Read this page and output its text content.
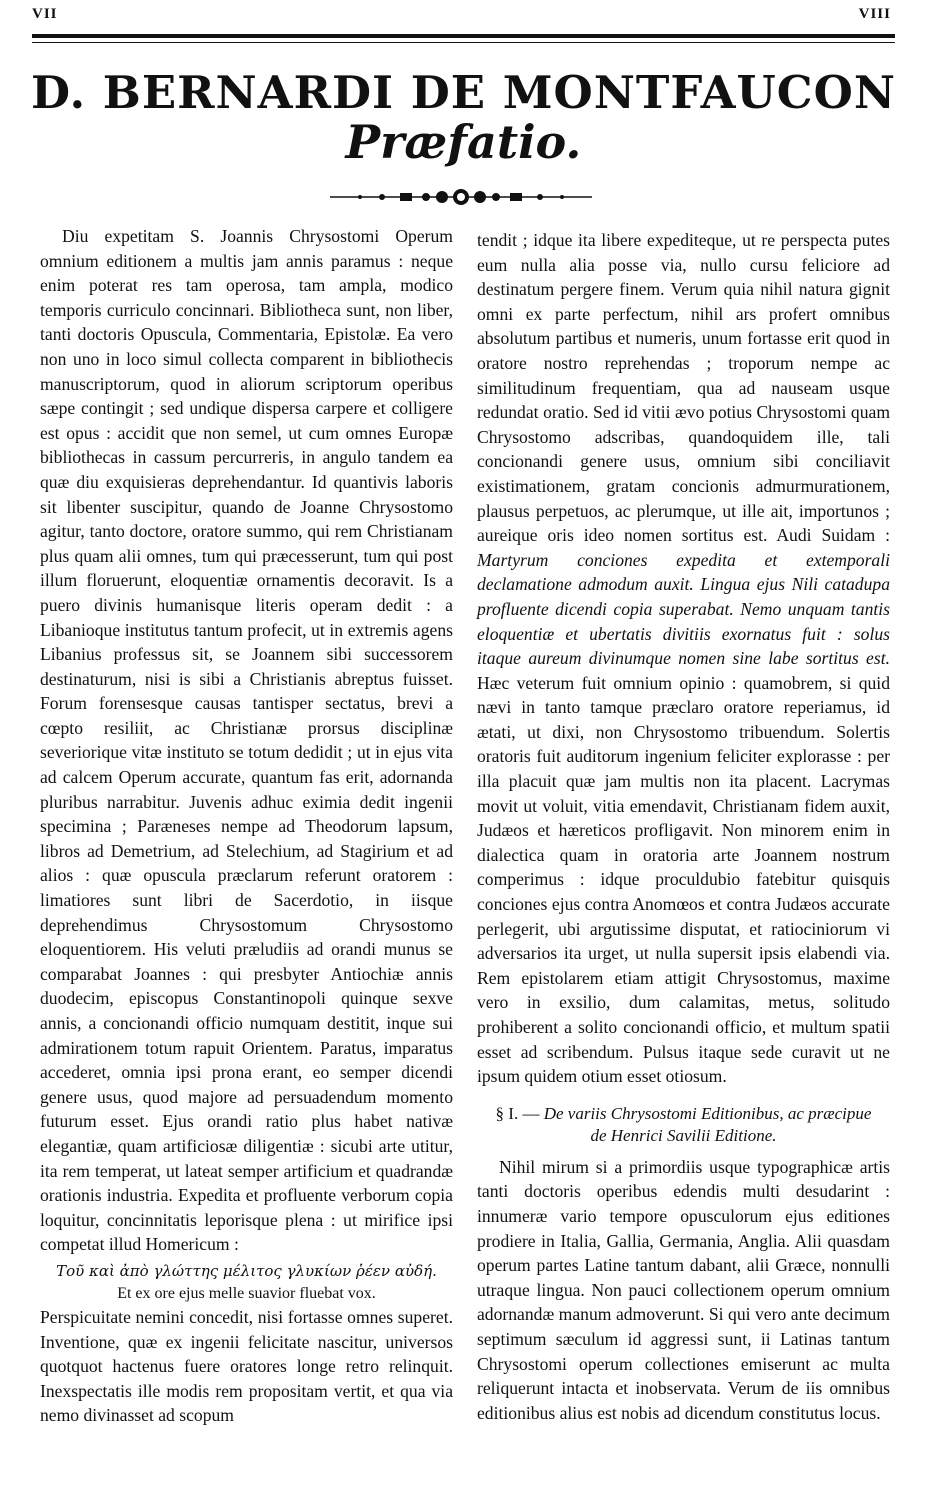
VII	VIII
D. BERNARDI DE MONTFAUCON
Præfatio.

Diu expetitam S. Joannis Chrysostomi Operum omnium editionem a multis jam annis paramus : neque enim poterat res tam operosa, tam ampla, modico temporis curriculo concinnari. Bibliotheca sunt, non liber, tanti doctoris Opuscula, Commentaria, Epistolæ. Ea vero non uno in loco simul collecta comparent in bibliothecis manuscriptorum, quod in aliorum scriptorum operibus sæpe contingit ; sed undique dispersa carpere et colligere est opus : accidit que non semel, ut cum omnes Europæ bibliothecas in cassum percurreris, in angulo tandem ea quæ diu exquisieras deprehendantur. Id quantivis laboris sit libenter suscipitur, quando de Joanne Chrysostomo agitur, tanto doctore, oratore summo, qui rem Christianam plus quam alii omnes, tum qui præcesserunt, tum qui post illum floruerunt, eloquentiæ ornamentis decoravit. Is a puero divinis humanisque literis operam dedit : a Libanioque institutus tantum profecit, ut in extremis agens Libanius professus sit, se Joannem sibi successorem destinaturum, nisi is sibi a Christianis abreptus fuisset. Forum forensesque causas tantisper sectatus, brevi a cœpto resiliit, ac Christianæ prorsus disciplinæ severiorique vitæ instituto se totum dedidit ; ut in ejus vita ad calcem Operum accurate, quantum fas erit, adornanda pluribus narrabitur. Juvenis adhuc eximia dedit ingenii specimina ; Paræneses nempe ad Theodorum lapsum, libros ad Demetrium, ad Stelechium, ad Stagirium et ad alios : quæ opuscula præclarum referunt oratorem : limatiores sunt libri de Sacerdotio, in iisque deprehendimus Chrysostomum Chrysostomo eloquentiorem. His veluti præludiis ad orandi munus se comparabat Joannes : qui presbyter Antiochiæ annis duodecim, episcopus Constantinopoli quinque sexve annis, a concionandi officio numquam destitit, inque sui admirationem totum rapuit Orientem. Paratus, imparatus accederet, omnia ipsi prona erant, eo semper dicendi genere usus, quod majore ad persuadendum momento futurum esset. Ejus orandi ratio plus habet nativæ elegantiæ, quam artificiosæ diligentiæ : sicubi arte utitur, ita rem temperat, ut lateat semper artificium et quadrandæ orationis industria. Expedita et profluente verborum copia loquitur, concinnitatis leporisque plena : ut mirifice ipsi competat illud Homericum :

Τοῦ καὶ ἀπὸ γλώττης μέλιτος γλυκίων ῥέεν αὐδή.
Et ex ore ejus melle suavior fluebat vox.

Perspicuitate nemini concedit, nisi fortasse omnes superet. Inventione, quæ ex ingenii felicitate nascitur, universos quotquot hactenus fuere oratores longe retro relinquit. Inexspectatis ille modis rem propositam vertit, et qua via nemo divinasset ad scopum

tendit ; idque ita libere expediteque, ut re perspecta putes eum nulla alia posse via, nullo cursu feliciore ad destinatum pergere finem. Verum quia nihil natura gignit omni ex parte perfectum, nihil ars profert omnibus absolutum partibus et numeris, unum fortasse erit quod in oratore nostro reprehendas ; troporum nempe ac similitudinum frequentiam, qua ad nauseam usque redundat oratio. Sed id vitii ævo potius Chrysostomi quam Chrysostomo adscribas, quandoquidem ille, tali concionandi genere usus, omnium sibi conciliavit existimationem, gratam concionis admurmurationem, plausus perpetuos, ac plerumque, ut ille ait, importunos ; aureique oris ideo nomen sortitus est. Audi Suidam : Martyrum conciones expedita et extemporali declamatione admodum auxit. Lingua ejus Nili catadupa profluente dicendi copia superabat. Nemo unquam tantis eloquentiæ et ubertatis divitiis exornatus fuit : solus itaque aureum divinumque nomen sine labe sortitus est. Hæc veterum fuit omnium opinio : quamobrem, si quid nævi in tanto tamque præclaro oratore reperiamus, id ætati, ut dixi, non Chrysostomo tribuendum. Solertis oratoris fuit auditorum ingenium feliciter explorasse : per illa placuit quæ jam multis non ita placent. Lacrymas movit ut voluit, vitia emendavit, Christianam fidem auxit, Judæos et hæreticos profligavit. Non minorem enim in dialectica quam in oratoria arte Joannem nostrum comperimus : idque proculdubio fatebitur quisquis conciones ejus contra Anomœos et contra Judæos accurate perlegerit, ubi argutissime disputat, et ratiociniorum vi adversarios ita urget, ut nulla supersit ipsis elabendi via. Rem epistolarem etiam attigit Chrysostomus, maxime vero in exsilio, dum calamitas, metus, solitudo prohiberent a solito concionandi officio, et multum spatii esset ad scribendum. Pulsus itaque sede curavit ut ne ipsum quidem otium esset otiosum.

§ I. — De variis Chrysostomi Editionibus, ac præcipue
de Henrici Savilii Editione.

Nihil mirum si a primordiis usque typographicæ artis tanti doctoris operibus edendis multi desudarint : innumeræ vario tempore opusculorum ejus editiones prodiere in Italia, Gallia, Germania, Anglia. Alii quasdam operum partes Latine tantum dabant, alii Græce, nonnulli utraque lingua. Non pauci collectionem operum omnium adornandæ manum admoverunt. Si qui vero ante decimum septimum sæculum id aggressi sunt, ii Latinas tantum Chrysostomi operum collectiones emiserunt ac multa reliquerunt intacta et inobservata. Verum de iis omnibus editionibus alius est nobis ad dicendum constitutus locus.
